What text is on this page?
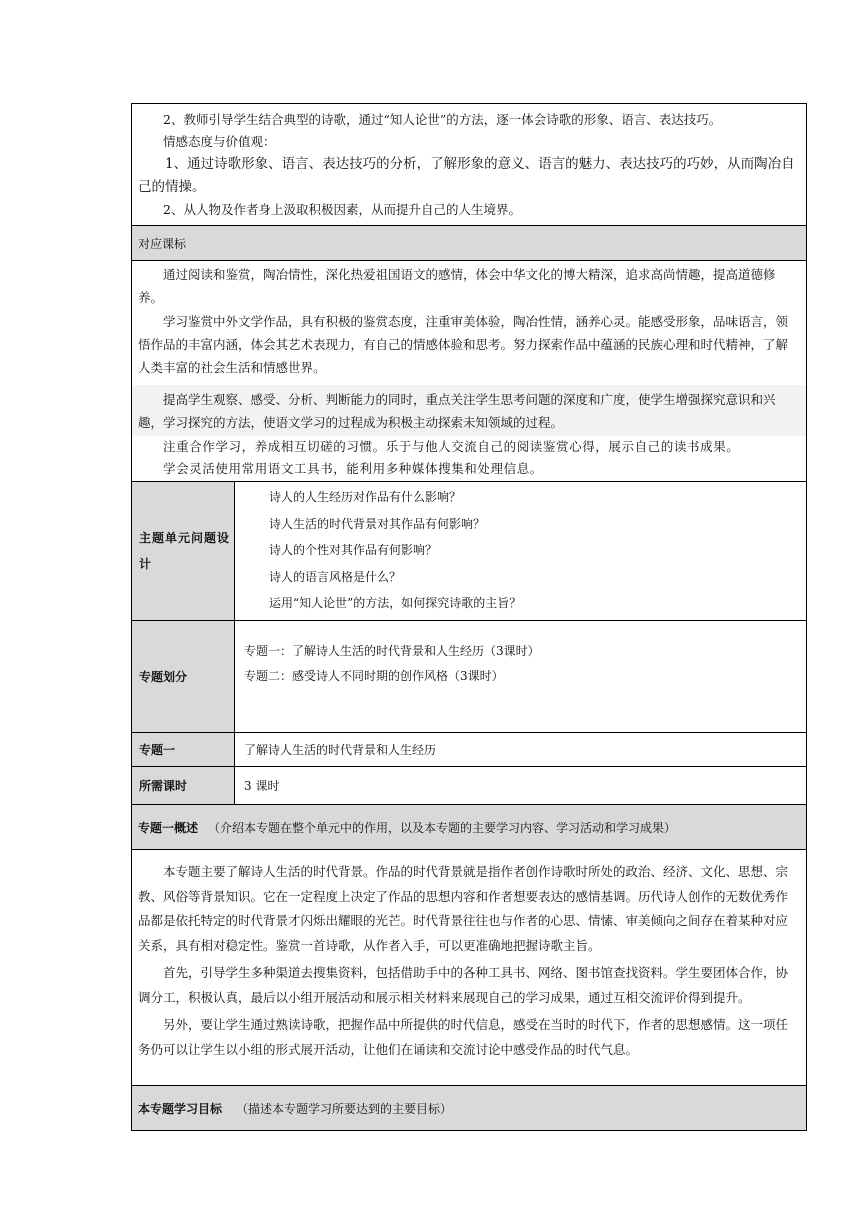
2、教师引导学生结合典型的诗歌，通过“知人论世”的方法，逐一体会诗歌的形象、语言、表达技巧。
情感态度与价值观：
1、通过诗歌形象、语言、表达技巧的分析，了解形象的意义、语言的魅力、表达技巧的巧妙，从而陶冶自己的情操。
2、从人物及作者身上汲取积极因素，从而提升自己的人生境界。	

对应课标	

通过阅读和鉴赏，陶冶情性，深化热爱祖国语文的感情，体会中华文化的博大精深，追求高尚情趣，提高道德修养。
学习鉴赏中外文学作品，具有积极的鉴赏态度，注重审美体验，陶冶性情，涵养心灵。能感受形象，品味语言，领悟作品的丰富内涵，体会其艺术表现力，有自己的情感体验和思考。努力探索作品中蕴涵的民族心理和时代精神，了解人类丰富的社会生活和情感世界。
提高学生观察、感受、分析、判断能力的同时，重点关注学生思考问题的深度和广度，使学生增强探究意识和兴趣，学习探究的方法，使语文学习的过程成为积极主动探索未知领域的过程。
注重合作学习，养成相互切磋的习惯。乐于与他人交流自己的阅读鉴赏心得，展示自己的读书成果。
学会灵活使用常用语文工具书，能利用多种媒体搜集和处理信息。	

主题单元问题设计	诗人的人生经历对作品有什么影响？
诗人生活的时代背景对其作品有何影响？
诗人的个性对其作品有何影响？
诗人的语言风格是什么？
运用“知人论世”的方法，如何探究诗歌的主旨？

专题划分	专题一：了解诗人生活的时代背景和人生经历（3课时）
专题二：感受诗人不同时期的创作风格（3课时）

专题一	了解诗人生活的时代背景和人生经历
所需课时	3 课时
专题一概述 （介绍本专题在整个单元中的作用，以及本专题的主要学习内容、学习活动和学习成果）	

本专题主要了解诗人生活的时代背景。作品的时代背景就是指作者创作诗歌时所处的政治、经济、文化、思想、宗教、风俗等背景知识。它在一定程度上决定了作品的思想内容和作者想要表达的感情基调。历代诗人创作的无数优秀作品都是依托特定的时代背景才闪烁出耀眼的光芒。时代背景往往也与作者的心思、情愫、审美倾向之间存在着某种对应关系，具有相对稳定性。鉴赏一首诗歌，从作者入手，可以更准确地把握诗歌主旨。
首先，引导学生多种渠道去搜集资料，包括借助手中的各种工具书、网络、图书馆查找资料。学生要团体合作，协调分工，积极认真，最后以小组开展活动和展示相关材料来展现自己的学习成果，通过互相交流评价得到提升。
另外，要让学生通过熟读诗歌，把握作品中所提供的时代信息，感受在当时的时代下，作者的思想感情。这一项任务仍可以让学生以小组的形式展开活动，让他们在诵读和交流讨论中感受作品的时代气息。	

本专题学习目标 （描述本专题学习所要达到的主要目标）	
